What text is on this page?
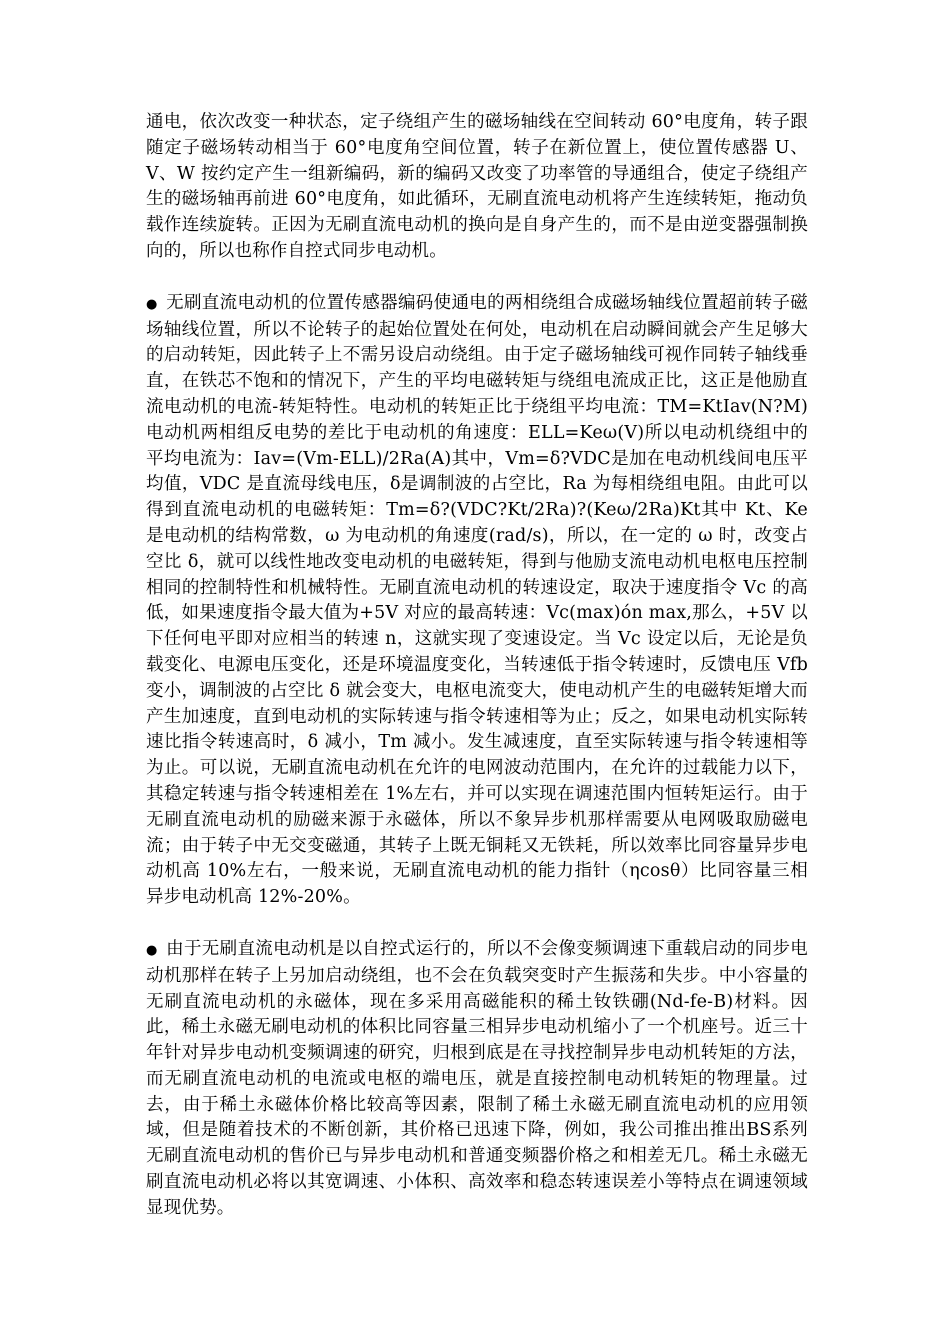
通电，依次改变一种状态，定子绕组产生的磁场轴线在空间转动 60°电度角，转子跟随定子磁场转动相当于 60°电度角空间位置，转子在新位置上，使位置传感器 U、V、W 按约定产生一组新编码，新的编码又改变了功率管的导通组合，使定子绕组产生的磁场轴再前进 60°电度角，如此循环，无刷直流电动机将产生连续转矩，拖动负载作连续旋转。正因为无刷直流电动机的换向是自身产生的，而不是由逆变器强制换向的，所以也称作自控式同步电动机。

● 无刷直流电动机的位置传感器编码使通电的两相绕组合成磁场轴线位置超前转子磁场轴线位置，所以不论转子的起始位置处在何处，电动机在启动瞬间就会产生足够大的启动转矩，因此转子上不需另设启动绕组。由于定子磁场轴线可视作同转子轴线垂直，在铁芯不饱和的情况下，产生的平均电磁转矩与绕组电流成正比，这正是他励直流电动机的电流-转矩特性。电动机的转矩正比于绕组平均电流：TM=KtIav(N?M) 电动机两相组反电势的差比于电动机的角速度：ELL=Keω(V)所以电动机绕组中的平均电流为：Iav=(Vm-ELL)/2Ra(A)其中，Vm=δ?VDC是加在电动机线间电压平均值，VDC 是直流母线电压，δ是调制波的占空比，Ra 为每相绕组电阻。由此可以得到直流电动机的电磁转矩：Tm=δ?(VDC?Kt/2Ra)?(Keω/2Ra)Kt其中 Kt、Ke 是电动机的结构常数，ω 为电动机的角速度(rad/s)，所以，在一定的 ω 时，改变占空比 δ，就可以线性地改变电动机的电磁转矩，得到与他励支流电动机电枢电压控制相同的控制特性和机械特性。无刷直流电动机的转速设定，取决于速度指令 Vc 的高低，如果速度指令最大值为+5V 对应的最高转速：Vc(max)ón max,那么，+5V 以下任何电平即对应相当的转速 n，这就实现了变速设定。当 Vc 设定以后，无论是负载变化、电源电压变化，还是环境温度变化，当转速低于指令转速时，反馈电压 Vfb 变小，调制波的占空比 δ 就会变大，电枢电流变大，使电动机产生的电磁转矩增大而产生加速度，直到电动机的实际转速与指令转速相等为止；反之，如果电动机实际转速比指令转速高时，δ 减小，Tm 减小。发生减速度，直至实际转速与指令转速相等为止。可以说，无刷直流电动机在允许的电网波动范围内，在允许的过载能力以下，其稳定转速与指令转速相差在 1%左右，并可以实现在调速范围内恒转矩运行。由于无刷直流电动机的励磁来源于永磁体，所以不象异步机那样需要从电网吸取励磁电流；由于转子中无交变磁通，其转子上既无铜耗又无铁耗，所以效率比同容量异步电动机高 10%左右，一般来说，无刷直流电动机的能力指针（ηcosθ）比同容量三相异步电动机高 12%-20%。

● 由于无刷直流电动机是以自控式运行的，所以不会像变频调速下重载启动的同步电动机那样在转子上另加启动绕组，也不会在负载突变时产生振荡和失步。中小容量的无刷直流电动机的永磁体，现在多采用高磁能积的稀土钕铁硼(Nd-fe-B)材料。因此，稀土永磁无刷电动机的体积比同容量三相异步电动机缩小了一个机座号。近三十年针对异步电动机变频调速的研究，归根到底是在寻找控制异步电动机转矩的方法，而无刷直流电动机的电流或电枢的端电压，就是直接控制电动机转矩的物理量。过去，由于稀土永磁体价格比较高等因素，限制了稀土永磁无刷直流电动机的应用领域，但是随着技术的不断创新，其价格已迅速下降，例如，我公司推出推出BS系列无刷直流电动机的售价已与异步电动机和普通变频器价格之和相差无几。稀土永磁无刷直流电动机必将以其宽调速、小体积、高效率和稳态转速误差小等特点在调速领域显现优势。
